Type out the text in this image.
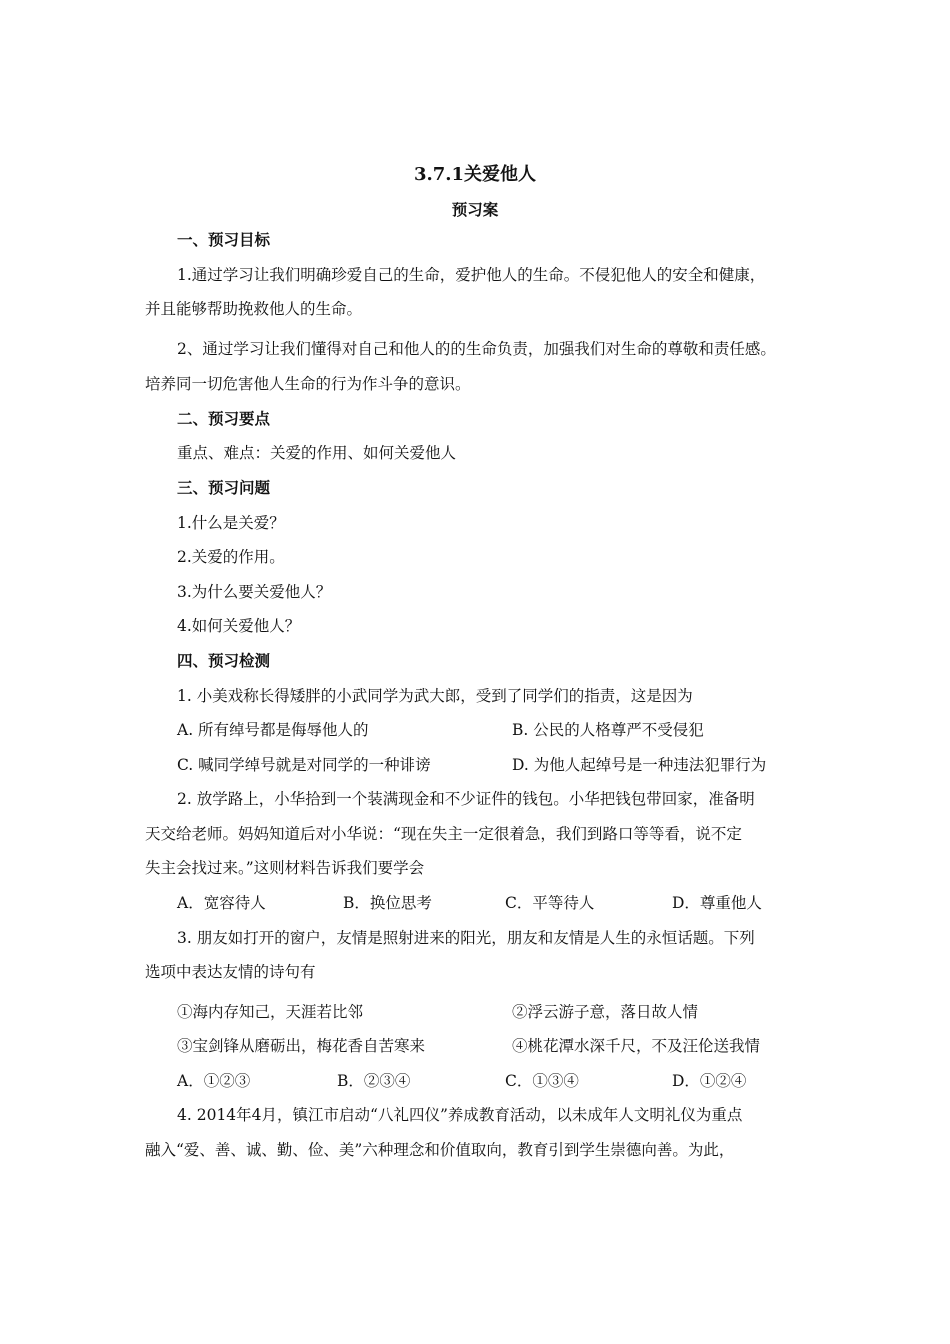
3.7.1关爱他人
预习案
一、预习目标
1.通过学习让我们明确珍爱自己的生命，爱护他人的生命。不侵犯他人的安全和健康，
并且能够帮助挽救他人的生命。
2、通过学习让我们懂得对自己和他人的的生命负责，加强我们对生命的尊敬和责任感。
培养同一切危害他人生命的行为作斗争的意识。
二、预习要点
重点、难点：关爱的作用、如何关爱他人
三、预习问题
1.什么是关爱？
2.关爱的作用。
3.为什么要关爱他人？
4.如何关爱他人？
四、预习检测
1. 小美戏称长得矮胖的小武同学为武大郎，受到了同学们的指责，这是因为
A. 所有绰号都是侮辱他人的	B. 公民的人格尊严不受侵犯
C. 喊同学绰号就是对同学的一种诽谤	D. 为他人起绰号是一种违法犯罪行为
2. 放学路上，小华拾到一个装满现金和不少证件的钱包。小华把钱包带回家，准备明
天交给老师。妈妈知道后对小华说：“现在失主一定很着急，我们到路口等等看，说不定
失主会找过来。”这则材料告诉我们要学会
A．宽容待人	B．换位思考	C．平等待人	D．尊重他人
3. 朋友如打开的窗户，友情是照射进来的阳光，朋友和友情是人生的永恒话题。下列
选项中表达友情的诗句有
①海内存知己，天涯若比邻	②浮云游子意，落日故人情
③宝剑锋从磨砺出，梅花香自苦寒来	④桃花潭水深千尺，不及汪伦送我情
A．①②③	B．②③④	C．①③④	D．①②④
4. 2014年4月，镇江市启动“八礼四仪”养成教育活动，以未成年人文明礼仪为重点
融入“爱、善、诚、勤、俭、美”六种理念和价值取向，教育引到学生崇德向善。为此，
